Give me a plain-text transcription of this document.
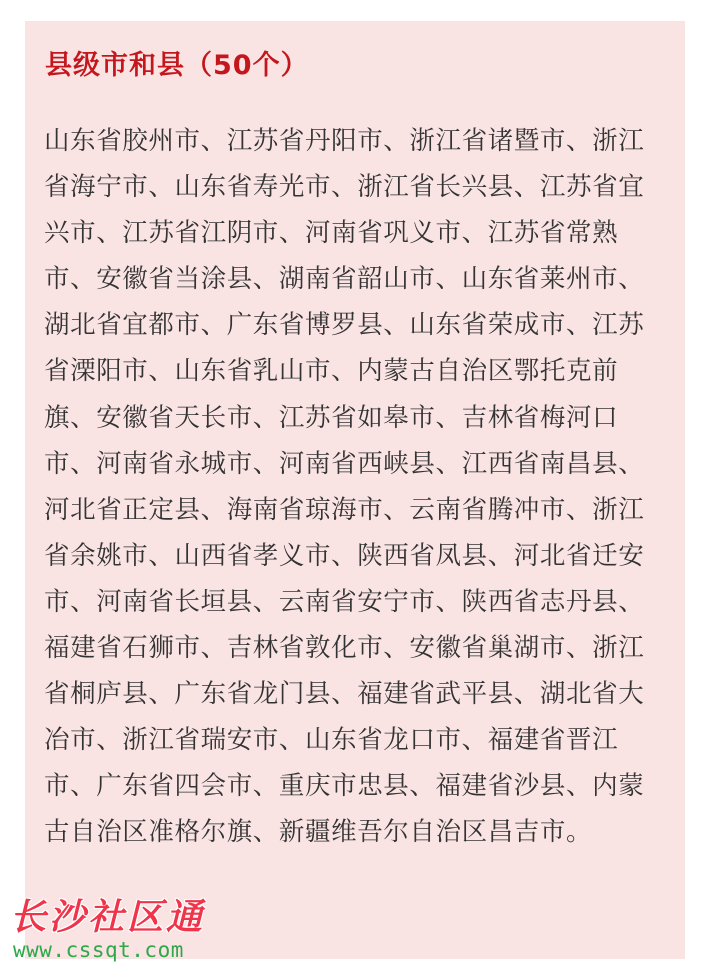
县级市和县（50个）
山东省胶州市、江苏省丹阳市、浙江省诸暨市、浙江省海宁市、山东省寿光市、浙江省长兴县、江苏省宜兴市、江苏省江阴市、河南省巩义市、江苏省常熟市、安徽省当涂县、湖南省韶山市、山东省莱州市、湖北省宜都市、广东省博罗县、山东省荣成市、江苏省溧阳市、山东省乳山市、内蒙古自治区鄂托克前旗、安徽省天长市、江苏省如皋市、吉林省梅河口市、河南省永城市、河南省西峡县、江西省南昌县、河北省正定县、海南省琼海市、云南省腾冲市、浙江省余姚市、山西省孝义市、陕西省凤县、河北省迁安市、河南省长垣县、云南省安宁市、陕西省志丹县、福建省石狮市、吉林省敦化市、安徽省巢湖市、浙江省桐庐县、广东省龙门县、福建省武平县、湖北省大冶市、浙江省瑞安市、山东省龙口市、福建省晋江市、广东省四会市、重庆市忠县、福建省沙县、内蒙古自治区准格尔旗、新疆维吾尔自治区昌吉市。
长沙社区通
www.cssqt.com
